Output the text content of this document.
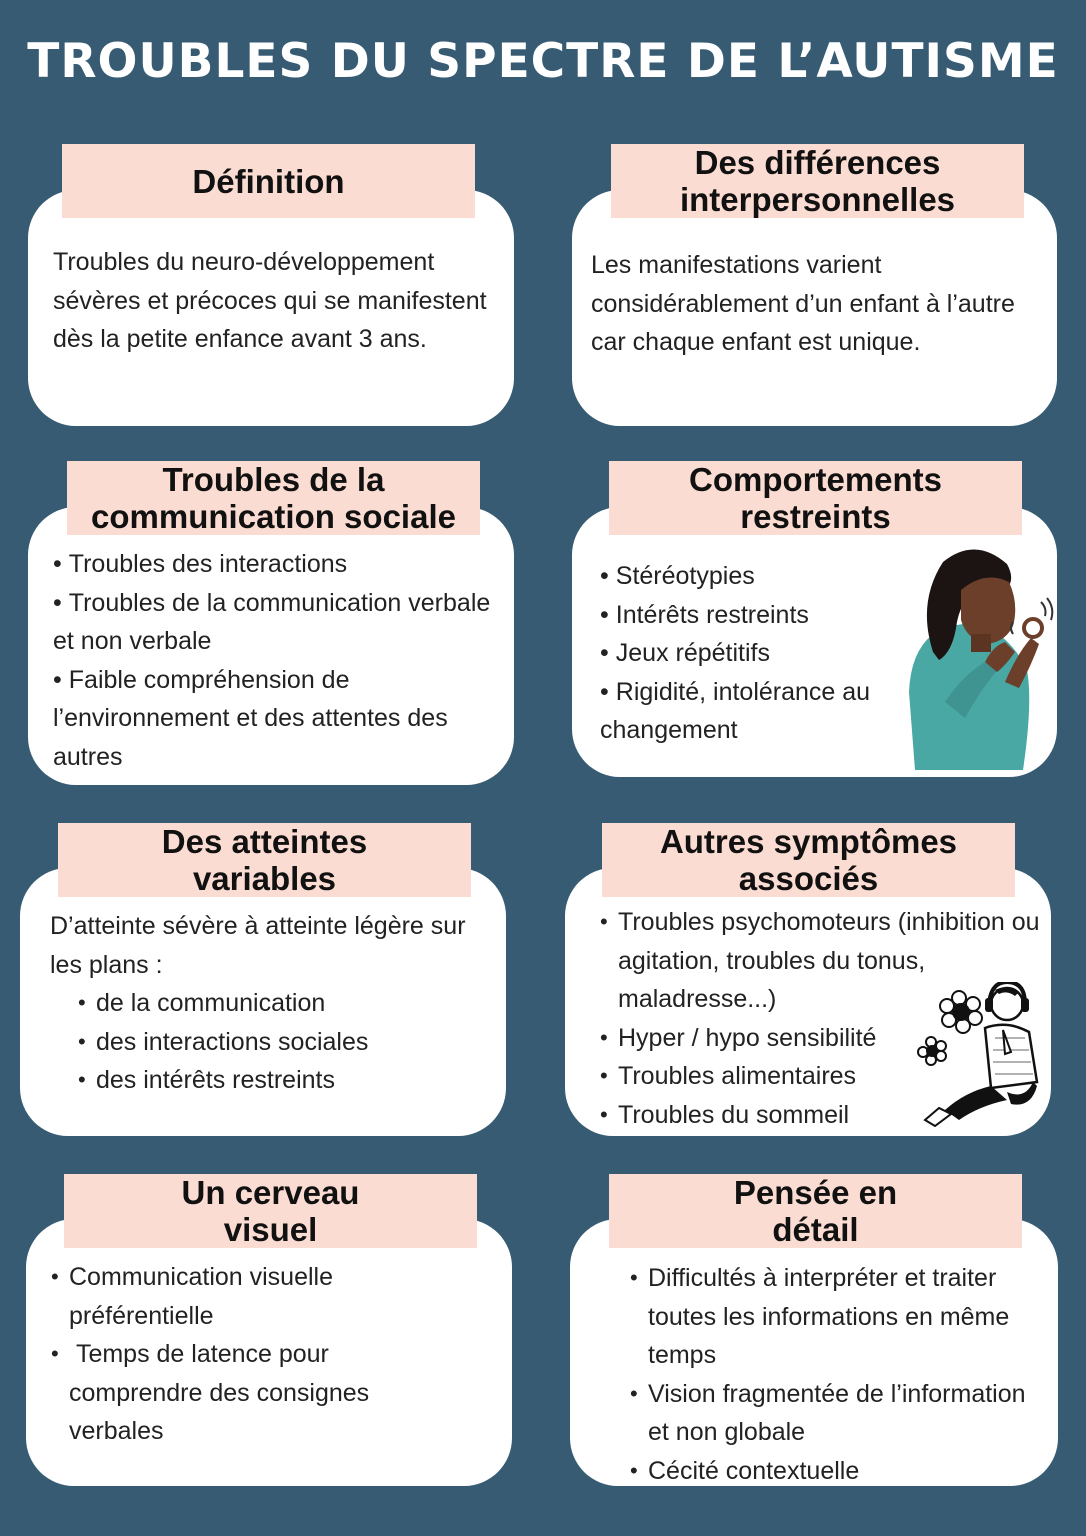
TROUBLES DU SPECTRE DE L’AUTISME
Définition

Troubles du neuro-développement sévères et précoces qui se manifestent dès la petite enfance avant 3 ans.

Des différences
interpersonnelles

Les manifestations varient considérablement d’un enfant à l’autre car chaque enfant est unique.

Troubles de la
communication sociale
• Troubles des interactions
• Troubles de la communication verbale et non verbale
• Faible compréhension de l’environnement et des attentes des autres
Comportements
restreints
• Stéréotypies
• Intérêts restreints
• Jeux répétitifs
• Rigidité, intolérance au changement
Des atteintes
variables

D’atteinte sévère à atteinte légère sur les plans :

• de la communication
• des interactions sociales
• des intérêts restreints
Autres symptômes
associés
• Troubles psychomoteurs (inhibition ou agitation, troubles du tonus, maladresse...)
• Hyper / hypo sensibilité
• Troubles alimentaires
• Troubles du sommeil
Un cerveau
visuel
• Communication visuelle préférentielle
•  Temps de latence pour comprendre des consignes verbales
Pensée en
détail
• Difficultés à interpréter et traiter toutes les informations en même temps
• Vision fragmentée de l’information et non globale
• Cécité contextuelle
